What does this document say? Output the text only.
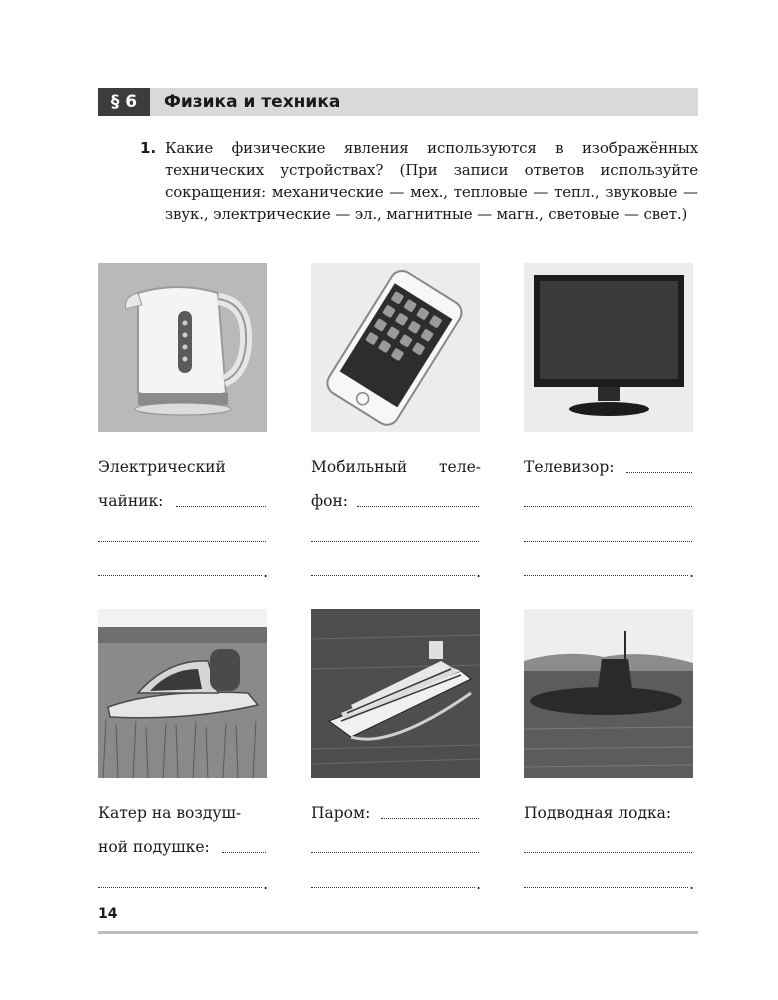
§ 6	Физика и техника
1. Какие физические явления используются в изображённых технических устройствах? (При записи ответов используйте сокращения: механические — мех., тепловые — тепл., звуковые — звук., электрические — эл., магнитные — магн., световые — свет.)
Электрический
чайник:
.
Мобильный	теле-
фон:
.
Телевизор:
.
Катер на воздуш-
ной подушке:
.
Паром:
.
Подводная лодка:
.
14
